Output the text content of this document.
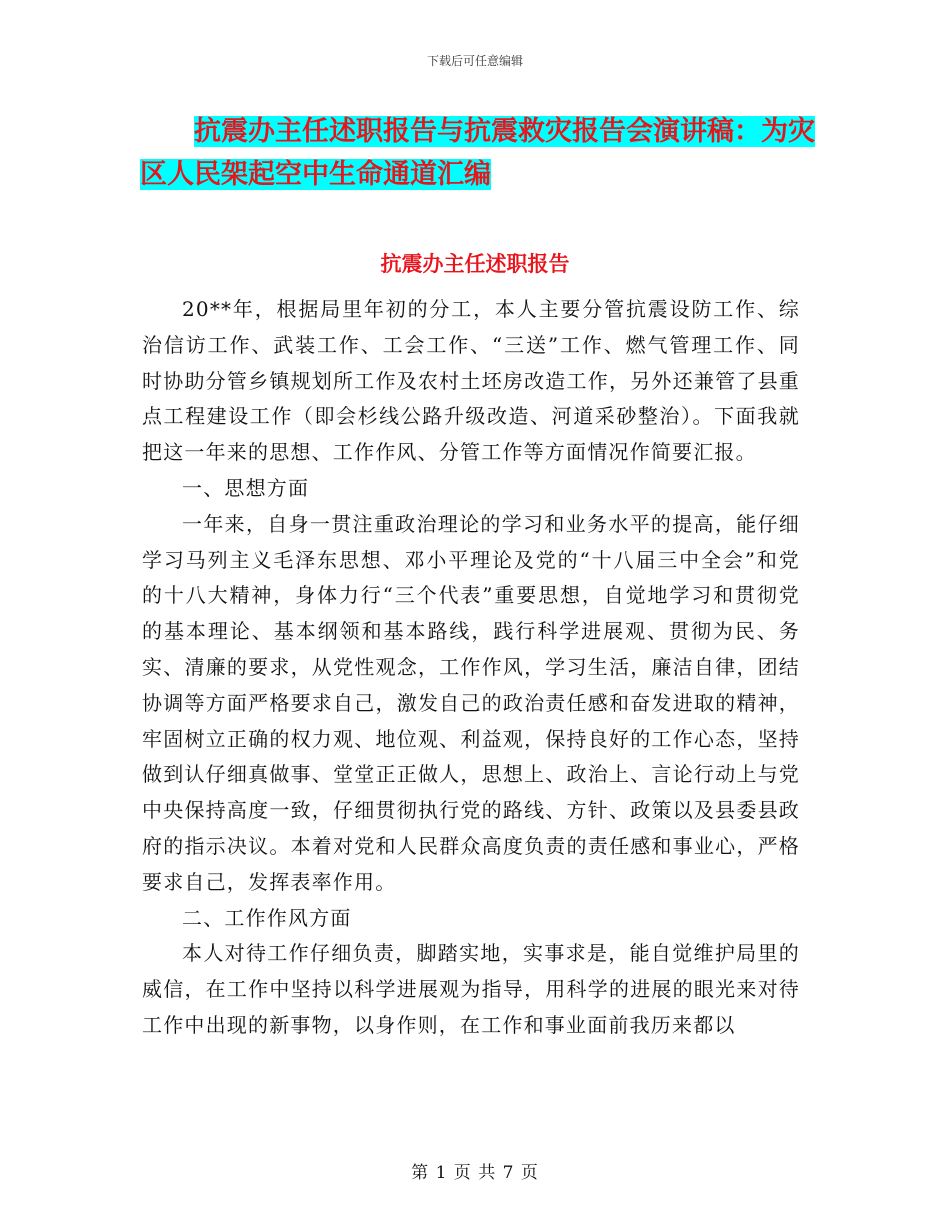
下载后可任意编辑
抗震办主任述职报告与抗震救灾报告会演讲稿：为灾
区人民架起空中生命通道汇编
抗震办主任述职报告

20**年，根据局里年初的分工，本人主要分管抗震设防工作、综治信访工作、武装工作、工会工作、“三送”工作、燃气管理工作、同时协助分管乡镇规划所工作及农村土坯房改造工作，另外还兼管了县重点工程建设工作（即会杉线公路升级改造、河道采砂整治）。下面我就把这一年来的思想、工作作风、分管工作等方面情况作简要汇报。

一、思想方面

一年来，自身一贯注重政治理论的学习和业务水平的提高，能仔细学习马列主义毛泽东思想、邓小平理论及党的“十八届三中全会”和党的十八大精神，身体力行“三个代表”重要思想，自觉地学习和贯彻党的基本理论、基本纲领和基本路线，践行科学进展观、贯彻为民、务实、清廉的要求，从党性观念，工作作风，学习生活，廉洁自律，团结协调等方面严格要求自己，激发自己的政治责任感和奋发进取的精神，牢固树立正确的权力观、地位观、利益观，保持良好的工作心态，坚持做到认仔细真做事、堂堂正正做人，思想上、政治上、言论行动上与党中央保持高度一致，仔细贯彻执行党的路线、方针、政策以及县委县政府的指示决议。本着对党和人民群众高度负责的责任感和事业心，严格要求自己，发挥表率作用。

二、工作作风方面

本人对待工作仔细负责，脚踏实地，实事求是，能自觉维护局里的威信，在工作中坚持以科学进展观为指导，用科学的进展的眼光来对待工作中出现的新事物，以身作则，在工作和事业面前我历来都以

第 1 页 共 7 页
